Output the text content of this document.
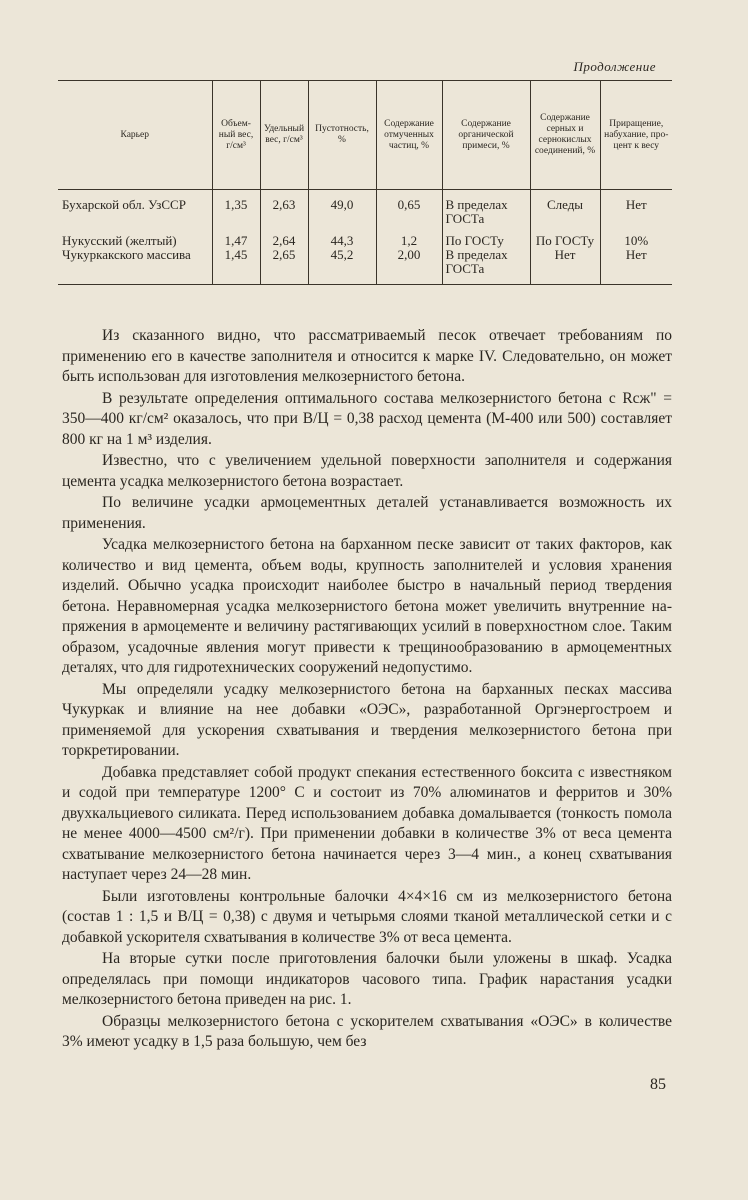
Продолжение
Карьер	Объемный вес, г/см³	Удельный вес, г/см³	Пустотность, %	Содержание отмученных частиц, %	Содержание органической примеси, %	Содержание серных и сернокислых соединений, %	Приращение, набухание, процент к весу
Бухарской обл. УзССР	1,35	2,63	49,0	0,65	В пределах ГОСТа	Следы	Нет
Нукусский (желтый)	1,47	2,64	44,3	1,2	По ГОСТу	По ГОСТу	10%
Чукуркакского массива	1,45	2,65	45,2	2,00	В пределах ГОСТа	Нет	Нет

Из сказанного видно, что рассматриваемый песок отвечает требованиям по применению его в качестве заполнителя и относится к марке IV. Следовательно, он может быть использован для изготовления мелкозернистого бетона.

В результате определения оптимального состава мелкозернистого бетона с Rсж" = 350—400 кг/см² оказалось, что при В/Ц = 0,38 расход цемента (М-400 или 500) составляет 800 кг на 1 м³ изделия.

Известно, что с увеличением удельной поверхности заполнителя и содержания цемента усадка мелкозернистого бетона возрастает.

По величине усадки армоцементных деталей устанавливается возможность их применения.

Усадка мелкозернистого бетона на барханном песке зависит от таких факторов, как количество и вид цемента, объем воды, крупность заполнителей и условия хранения изделий. Обычно усадка происходит наиболее быстро в начальный период твердения бетона. Неравномерная усадка мелкозернистого бетона может увеличить внутренние напряжения в армоцементе и величину растягивающих усилий в поверхностном слое. Таким образом, усадочные явления могут привести к трещинообразованию в армоцементных деталях, что для гидротехнических сооружений недопустимо.

Мы определяли усадку мелкозернистого бетона на барханных песках массива Чукуркак и влияние на нее добавки «ОЭС», разработанной Оргэнергостроем и применяемой для ускорения схватывания и твердения мелкозернистого бетона при торкретировании.

Добавка представляет собой продукт спекания естественного боксита с известняком и содой при температуре 1200° С и состоит из 70% алюминатов и ферритов и 30% двухкальциевого силиката. Перед использованием добавка домалывается (тонкость помола не менее 4000—4500 см²/г). При применении добавки в количестве 3% от веса цемента схватывание мелкозернистого бетона начинается через 3—4 мин., а конец схватывания наступает через 24—28 мин.

Были изготовлены контрольные балочки 4×4×16 см из мелкозернистого бетона (состав 1 : 1,5 и В/Ц = 0,38) с двумя и четырьмя слоями тканой металлической сетки и с добавкой ускорителя схватывания в количестве 3% от веса цемента.

На вторые сутки после приготовления балочки были уложены в шкаф. Усадка определялась при помощи индикаторов часового типа. График нарастания усадки мелкозернистого бетона приведен на рис. 1.

Образцы мелкозернистого бетона с ускорителем схватывания «ОЭС» в количестве 3% имеют усадку в 1,5 раза большую, чем без

85
